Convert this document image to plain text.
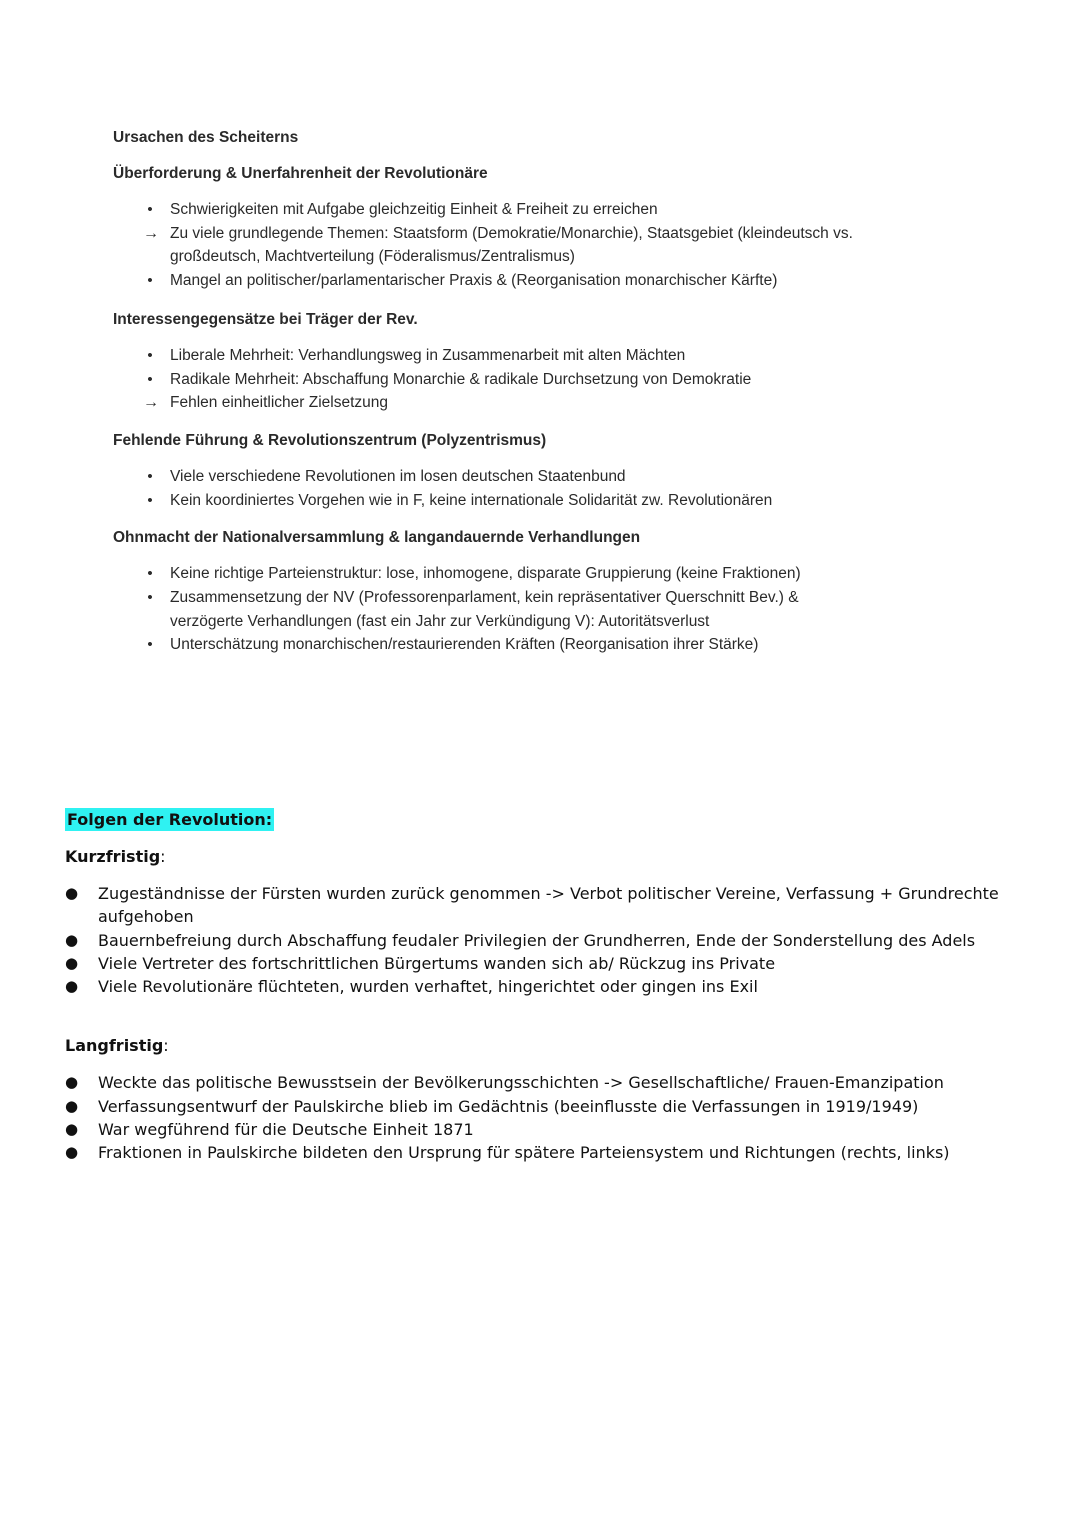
Ursachen des Scheiterns

Überforderung & Unerfahrenheit der Revolutionäre

•	Schwierigkeiten mit Aufgabe gleichzeitig Einheit & Freiheit zu erreichen
→ Zu viele grundlegende Themen: Staatsform (Demokratie/Monarchie), Staatsgebiet (kleindeutsch vs. großdeutsch, Machtverteilung (Föderalismus/Zentralismus)
•	Mangel an politischer/parlamentarischer Praxis & (Reorganisation monarchischer Kärfte)

Interessengegensätze bei Träger der Rev.

•	Liberale Mehrheit: Verhandlungsweg in Zusammenarbeit mit alten Mächten
•	Radikale Mehrheit: Abschaffung Monarchie & radikale Durchsetzung von Demokratie
→ Fehlen einheitlicher Zielsetzung

Fehlende Führung & Revolutionszentrum (Polyzentrismus)

•	Viele verschiedene Revolutionen im losen deutschen Staatenbund
•	Kein koordiniertes Vorgehen wie in F, keine internationale Solidarität zw. Revolutionären

Ohnmacht der Nationalversammlung & langandauernde Verhandlungen

•	Keine richtige Parteienstruktur: lose, inhomogene, disparate Gruppierung (keine Fraktionen)
•	Zusammensetzung der NV (Professorenparlament, kein repräsentativer Querschnitt Bev.) & verzögerte Verhandlungen (fast ein Jahr zur Verkündigung V): Autoritätsverlust
•	Unterschätzung monarchischen/restaurierenden Kräften (Reorganisation ihrer Stärke)
Folgen der Revolution:

Kurzfristig:

● Zugeständnisse der Fürsten wurden zurück genommen -> Verbot politischer Vereine, Verfassung + Grundrechte aufgehoben
● Bauernbefreiung durch Abschaffung feudaler Privilegien der Grundherren, Ende der Sonderstellung des Adels
● Viele Vertreter des fortschrittlichen Bürgertums wanden sich ab/ Rückzug ins Private
● Viele Revolutionäre flüchteten, wurden verhaftet, hingerichtet oder gingen ins Exil

Langfristig:

● Weckte das politische Bewusstsein der Bevölkerungsschichten -> Gesellschaftliche/ Frauen-Emanzipation
● Verfassungsentwurf der Paulskirche blieb im Gedächtnis (beeinflusste die Verfassungen in 1919/1949)
● War wegführend für die Deutsche Einheit 1871
● Fraktionen in Paulskirche bildeten den Ursprung für spätere Parteiensystem und Richtungen (rechts, links)
